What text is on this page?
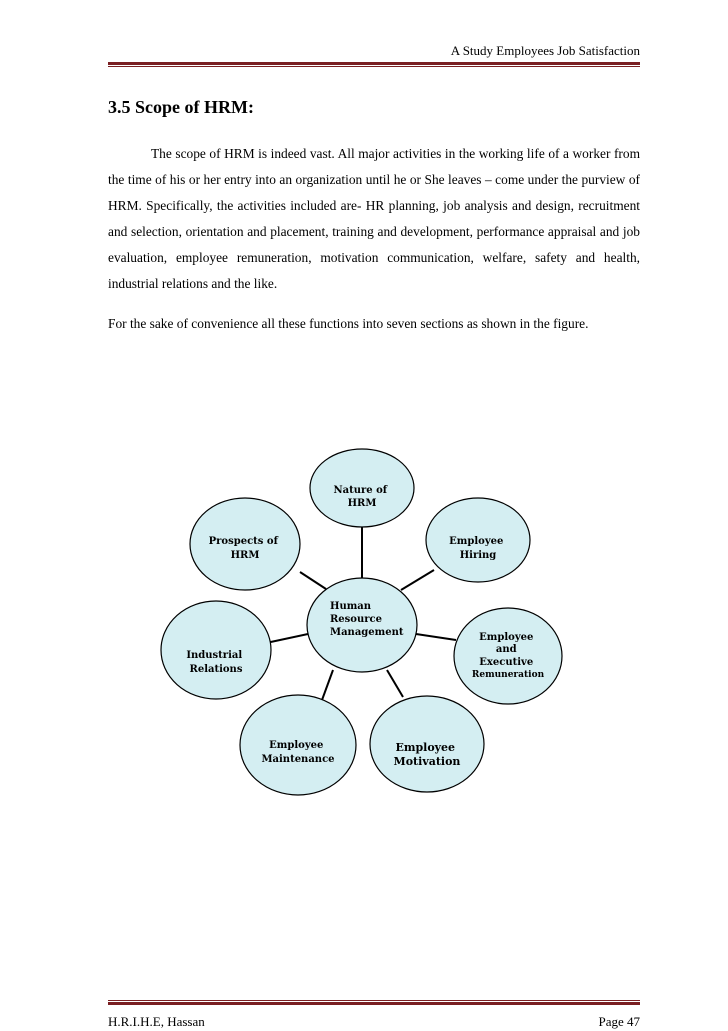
A Study Employees Job Satisfaction
3.5 Scope of HRM:

The scope of HRM is indeed vast. All major activities in the working life of a worker from the time of his or her entry into an organization until he or She leaves – come under the purview of HRM. Specifically, the activities included are- HR planning, job analysis and design, recruitment and selection, orientation and placement, training and development, performance appraisal and job evaluation, employee remuneration, motivation communication, welfare, safety and health, industrial relations and the like.

For the sake of convenience all these functions into seven sections as shown in the figure.

Human Resource Management
Nature of HRM
Employee Hiring
Employee and Executive Remuneration
Employee Motivation
Employee Maintenance
Industrial Relations
Prospects of HRM
H.R.I.H.E, Hassan	Page 47
